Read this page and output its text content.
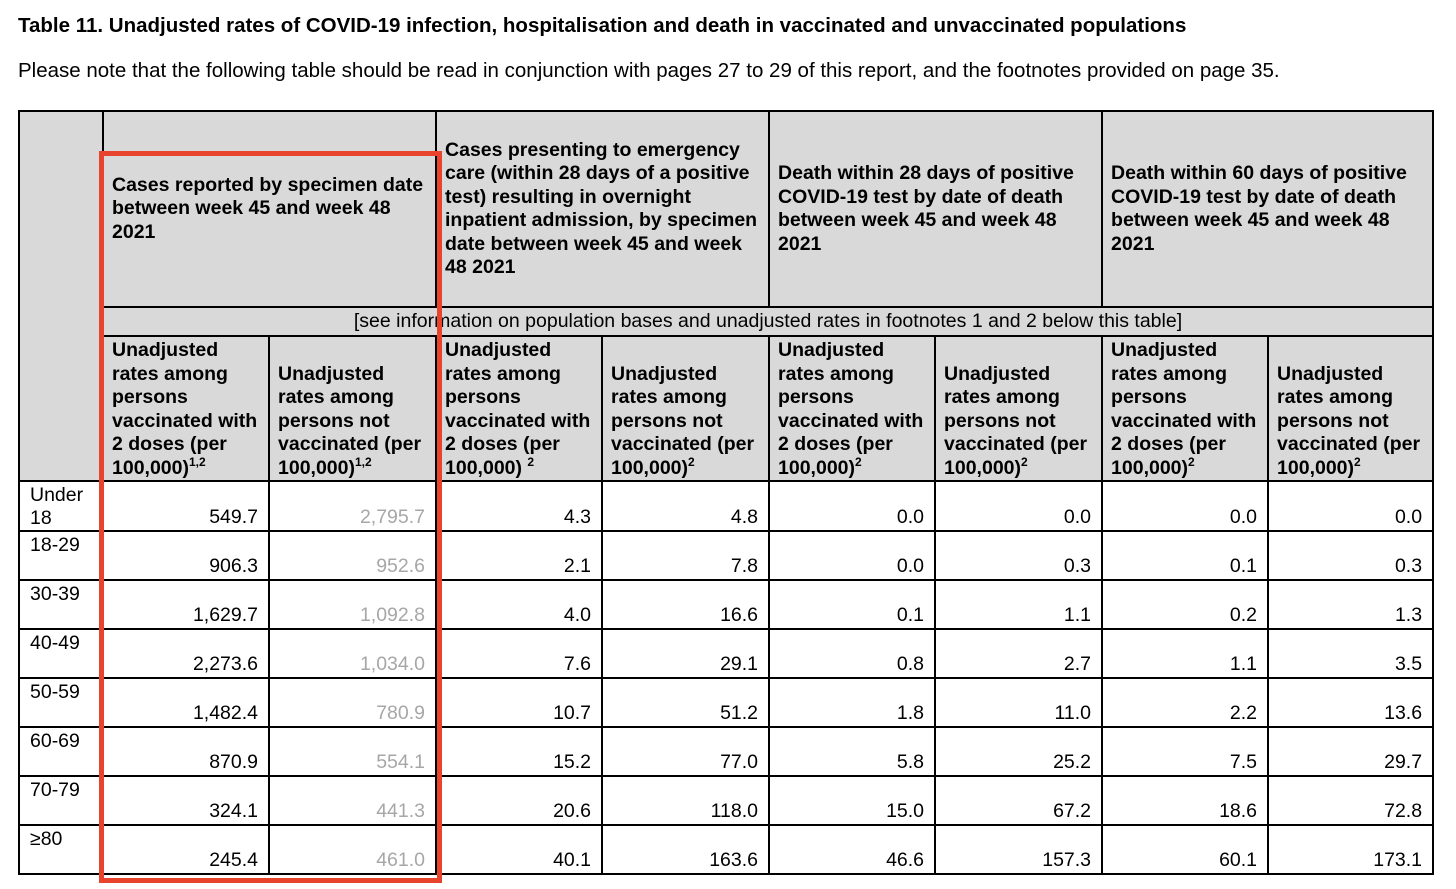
Table 11. Unadjusted rates of COVID-19 infection, hospitalisation and death in vaccinated and unvaccinated populations
Please note that the following table should be read in conjunction with pages 27 to 29 of this report, and the footnotes provided on page 35.
	Cases reported by specimen date between week 45 and week 48 2021		Cases presenting to emergency care (within 28 days of a positive test) resulting in overnight inpatient admission, by specimen date between week 45 and week 48 2021		Death within 28 days of positive COVID-19 test by date of death between week 45 and week 48 2021		Death within 60 days of positive COVID-19 test by date of death between week 45 and week 48 2021	
	[see information on population bases and unadjusted rates in footnotes 1 and 2 below this table]							
	Unadjusted rates among persons vaccinated with 2 doses (per 100,000)$^{1,2}$	Unadjusted rates among persons not vaccinated (per 100,000)$^{1,2}$	Unadjusted rates among persons vaccinated with 2 doses (per 100,000) $^2$	Unadjusted rates among persons not vaccinated (per 100,000)$^2$	Unadjusted rates among persons vaccinated with 2 doses (per 100,000)$^2$	Unadjusted rates among persons not vaccinated (per 100,000)$^2$	Unadjusted rates among persons vaccinated with 2 doses (per 100,000)$^2$	Unadjusted rates among persons not vaccinated (per 100,000)$^2$
Under 18	549.7	2,795.7	4.3	4.8	0.0	0.0	0.0	0.0
18-29	906.3	952.6	2.1	7.8	0.0	0.3	0.1	0.3
30-39	1,629.7	1,092.8	4.0	16.6	0.1	1.1	0.2	1.3
40-49	2,273.6	1,034.0	7.6	29.1	0.8	2.7	1.1	3.5
50-59	1,482.4	780.9	10.7	51.2	1.8	11.0	2.2	13.6
60-69	870.9	554.1	15.2	77.0	5.8	25.2	7.5	29.7
70-79	324.1	441.3	20.6	118.0	15.0	67.2	18.6	72.8
≥80	245.4	461.0	40.1	163.6	46.6	157.3	60.1	173.1
